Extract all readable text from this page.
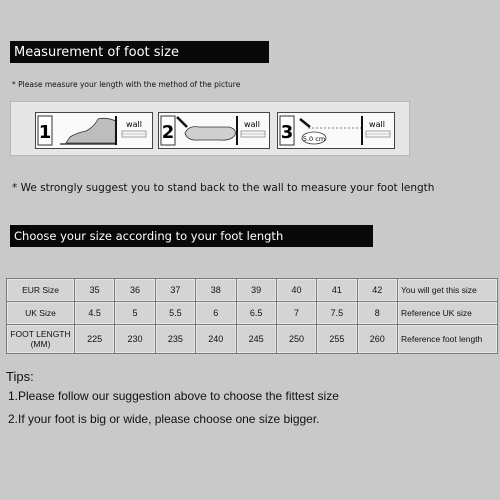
Measurement of foot size
* Please measure your length with the method of the picture
1	wall 2	wall 3 5.0 cm
wall
* We strongly suggest you to stand back to the wall to measure your foot length
Choose your size according to your foot length
EUR Size	35	36	37	38	39	40	41	42	You will get this size
UK Size	4.5	5	5.5	6	6.5	7	7.5	8	Reference UK size
FOOT LENGTH
(MM)	225	230	235	240	245	250	255	260	Reference foot length
Tips:
1.Please follow our suggestion above to choose the fittest size
2.If your foot is big or wide, please choose one size bigger.
